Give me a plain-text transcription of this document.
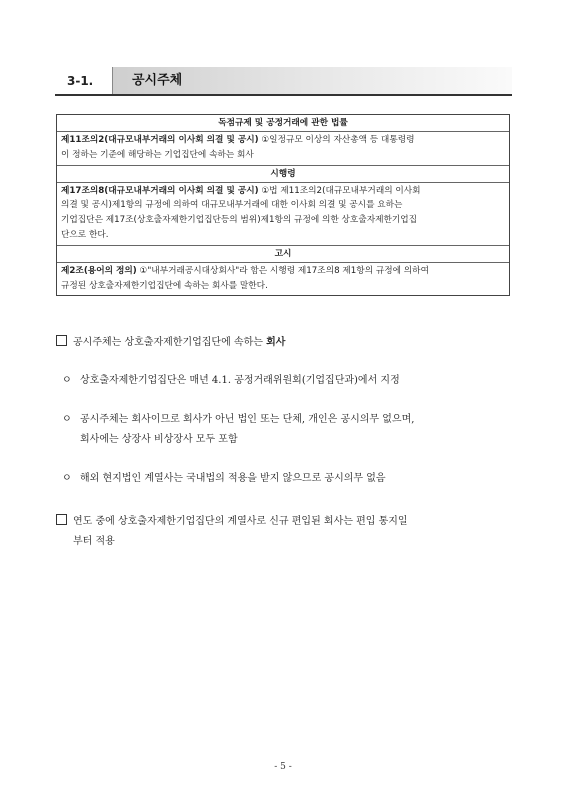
3-1.	공시주체
독점규제 및 공정거래에 관한 법률
제11조의2(대규모내부거래의 이사회 의결 및 공시) ①일정규모 이상의 자산총액 등 대통령령
이 정하는 기준에 해당하는 기업집단에 속하는 회사
시행령
제17조의8(대규모내부거래의 이사회 의결 및 공시) ①법 제11조의2(대규모내부거래의 이사회
의결 및 공시)제1항의 규정에 의하여 대규모내부거래에 대한 이사회 의결 및 공시를 요하는
기업집단은 제17조(상호출자제한기업집단등의 범위)제1항의 규정에 의한 상호출자제한기업집
단으로 한다.
고시
제2조(용어의 정의) ①"내부거래공시대상회사"라 함은 시행령 제17조의8 제1항의 규정에 의하여
규정된 상호출자제한기업집단에 속하는 회사를 말한다.
공시주체는 상호출자제한기업집단에 속하는 회사
ㅇ 상호출자제한기업집단은 매년 4.1. 공정거래위원회(기업집단과)에서 지정
ㅇ 공시주체는 회사이므로 회사가 아닌 법인 또는 단체, 개인은 공시의무 없으며,
회사에는 상장사 비상장사 모두 포함
ㅇ 해외 현지법인 계열사는 국내법의 적용을 받지 않으므로 공시의무 없음
연도 중에 상호출자제한기업집단의 계열사로 신규 편입된 회사는 편입 통지일
부터 적용
- 5 -
